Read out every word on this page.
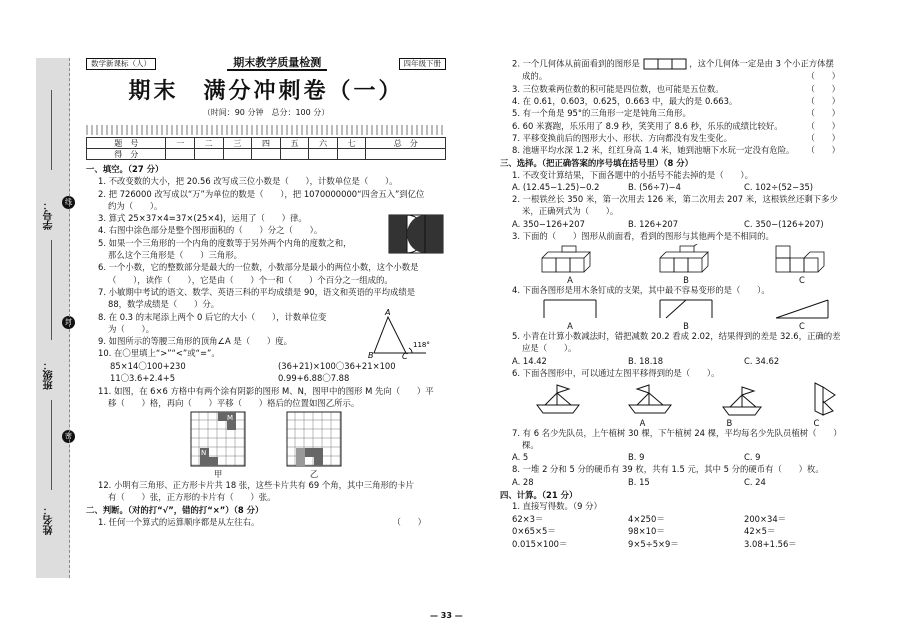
学号：
班级：
姓名：
线
封
密
数学新课标（人）	期末教学质量检测	四年级下册
期末　满分冲刺卷（一）
（时间：90 分钟　总分：100 分）
题　号	一	二	三	四	五	六	七	总　分
得　分								
一、填空。（27 分）
1. 不改变数的大小，把 20.56 改写成三位小数是（　　），计数单位是（　　）。
2. 把 726000 改写成以“万”为单位的数是（　　），把 1070000000“四舍五入”到亿位
约为（　　）。
3. 算式 25×37×4=37×(25×4)，运用了（　　）律。
4. 右图中涂色部分是整个图形面积的（　　）分之（　　）。
5. 如果一个三角形的一个内角的度数等于另外两个内角的度数之和，
那么这个三角形是（　　）三角形。
6. 一个小数，它的整数部分是最大的一位数，小数部分是最小的两位小数，这个小数是
（　　），读作（　　），它是由（　　）个一和（　　）个百分之一组成的。
7. 小敏期中考试的语文、数学、英语三科的平均成绩是 90，语文和英语的平均成绩是
88，数学成绩是（　　）分。
8. 在 0.3 的末尾添上两个 0 后它的大小（　　），计数单位变
为（　　）。
9. 如图所示的等腰三角形的顶角∠A 是（　　）度。
A
B	C
118°
10. 在〇里填上“>”“<”或“=”。
85×14〇100+230	(36+21)×100〇36+21×100
11〇3.6+2.4+5	0.99+6.88〇7.88
11. 如图，在 6×6 方格中有两个涂有阴影的图形 M、N，图甲中的图形 M 先向（　　）平
移（　　）格，再向（　　）平移（　　）格后的位置如图乙所示。
M
N
甲	乙
12. 小明有三角形、正方形卡片共 18 张，这些卡片共有 69 个角，其中三角形的卡片
有（　　）张，正方形的卡片有（　　）张。
二、判断。（对的打“√”，错的打“×”）（8 分）
1. 任何一个算式的运算顺序都是从左往右。	（　　）
2. 一个几何体从前面看到的图形是	，这个几何体一定是由 3 个小正方体摆
成的。	（　　）
3. 三位数乘两位数的积可能是四位数，也可能是五位数。	（　　）
4. 在 0.61，0.603，0.625，0.663 中，最大的是 0.663。	（　　）
5. 有一个角是 95°的三角形一定是钝角三角形。	（　　）
6. 60 米赛跑，乐乐用了 8.9 秒，笑笑用了 8.6 秒，乐乐的成绩比较好。	（　　）
7. 平移变换前后的图形大小、形状、方向都没有发生变化。	（　　）
8. 池塘平均水深 1.2 米，红红身高 1.4 米，她到池塘下水玩一定没有危险。 （　　）
三、选择。（把正确答案的序号填在括号里）（8 分）
1. 不改变计算结果，下面各题中的小括号不能去掉的是（　　）。
A. (12.45−1.25)−0.2	B. (56÷7)−4	C. 102÷(52−35)
2. 一根铁丝长 350 米，第一次用去 126 米，第二次用去 207 米，这根铁丝还剩下多少
米，正确列式为（　　）。
A. 350−126+207	B. 126+207	C. 350−(126+207)
3. 下面的（　　）图形从前面看，看到的图形与其他两个是不相同的。
A	B	C
4. 下面各图形是用木条钉成的支架，其中最不容易变形的是（　　）。
A	B	C
5. 小青在计算小数减法时，错把减数 20.2 看成 2.02，结果得到的差是 32.6，正确的差
应是（　　）。
A. 14.42	B. 18.18	C. 34.62
6. 下面各图形中，可以通过左图平移得到的是（　　）。
A	B	C
7. 有 6 名少先队员，上午植树 30 棵，下午植树 24 棵，平均每名少先队员植树（　　）
棵。
A. 5	B. 9	C. 9
8. 一堆 2 分和 5 分的硬币有 39 枚，共有 1.5 元，其中 5 分的硬币有（　　）枚。
A. 28	B. 15	C. 24
四、计算。（21 分）
1. 直接写得数。（9 分）
62×3＝	4×250＝	200×34＝
0×65×5＝	98×10＝	42×5＝
0.015×100＝	9×5÷5×9＝	3.08+1.56＝
— 33 —
